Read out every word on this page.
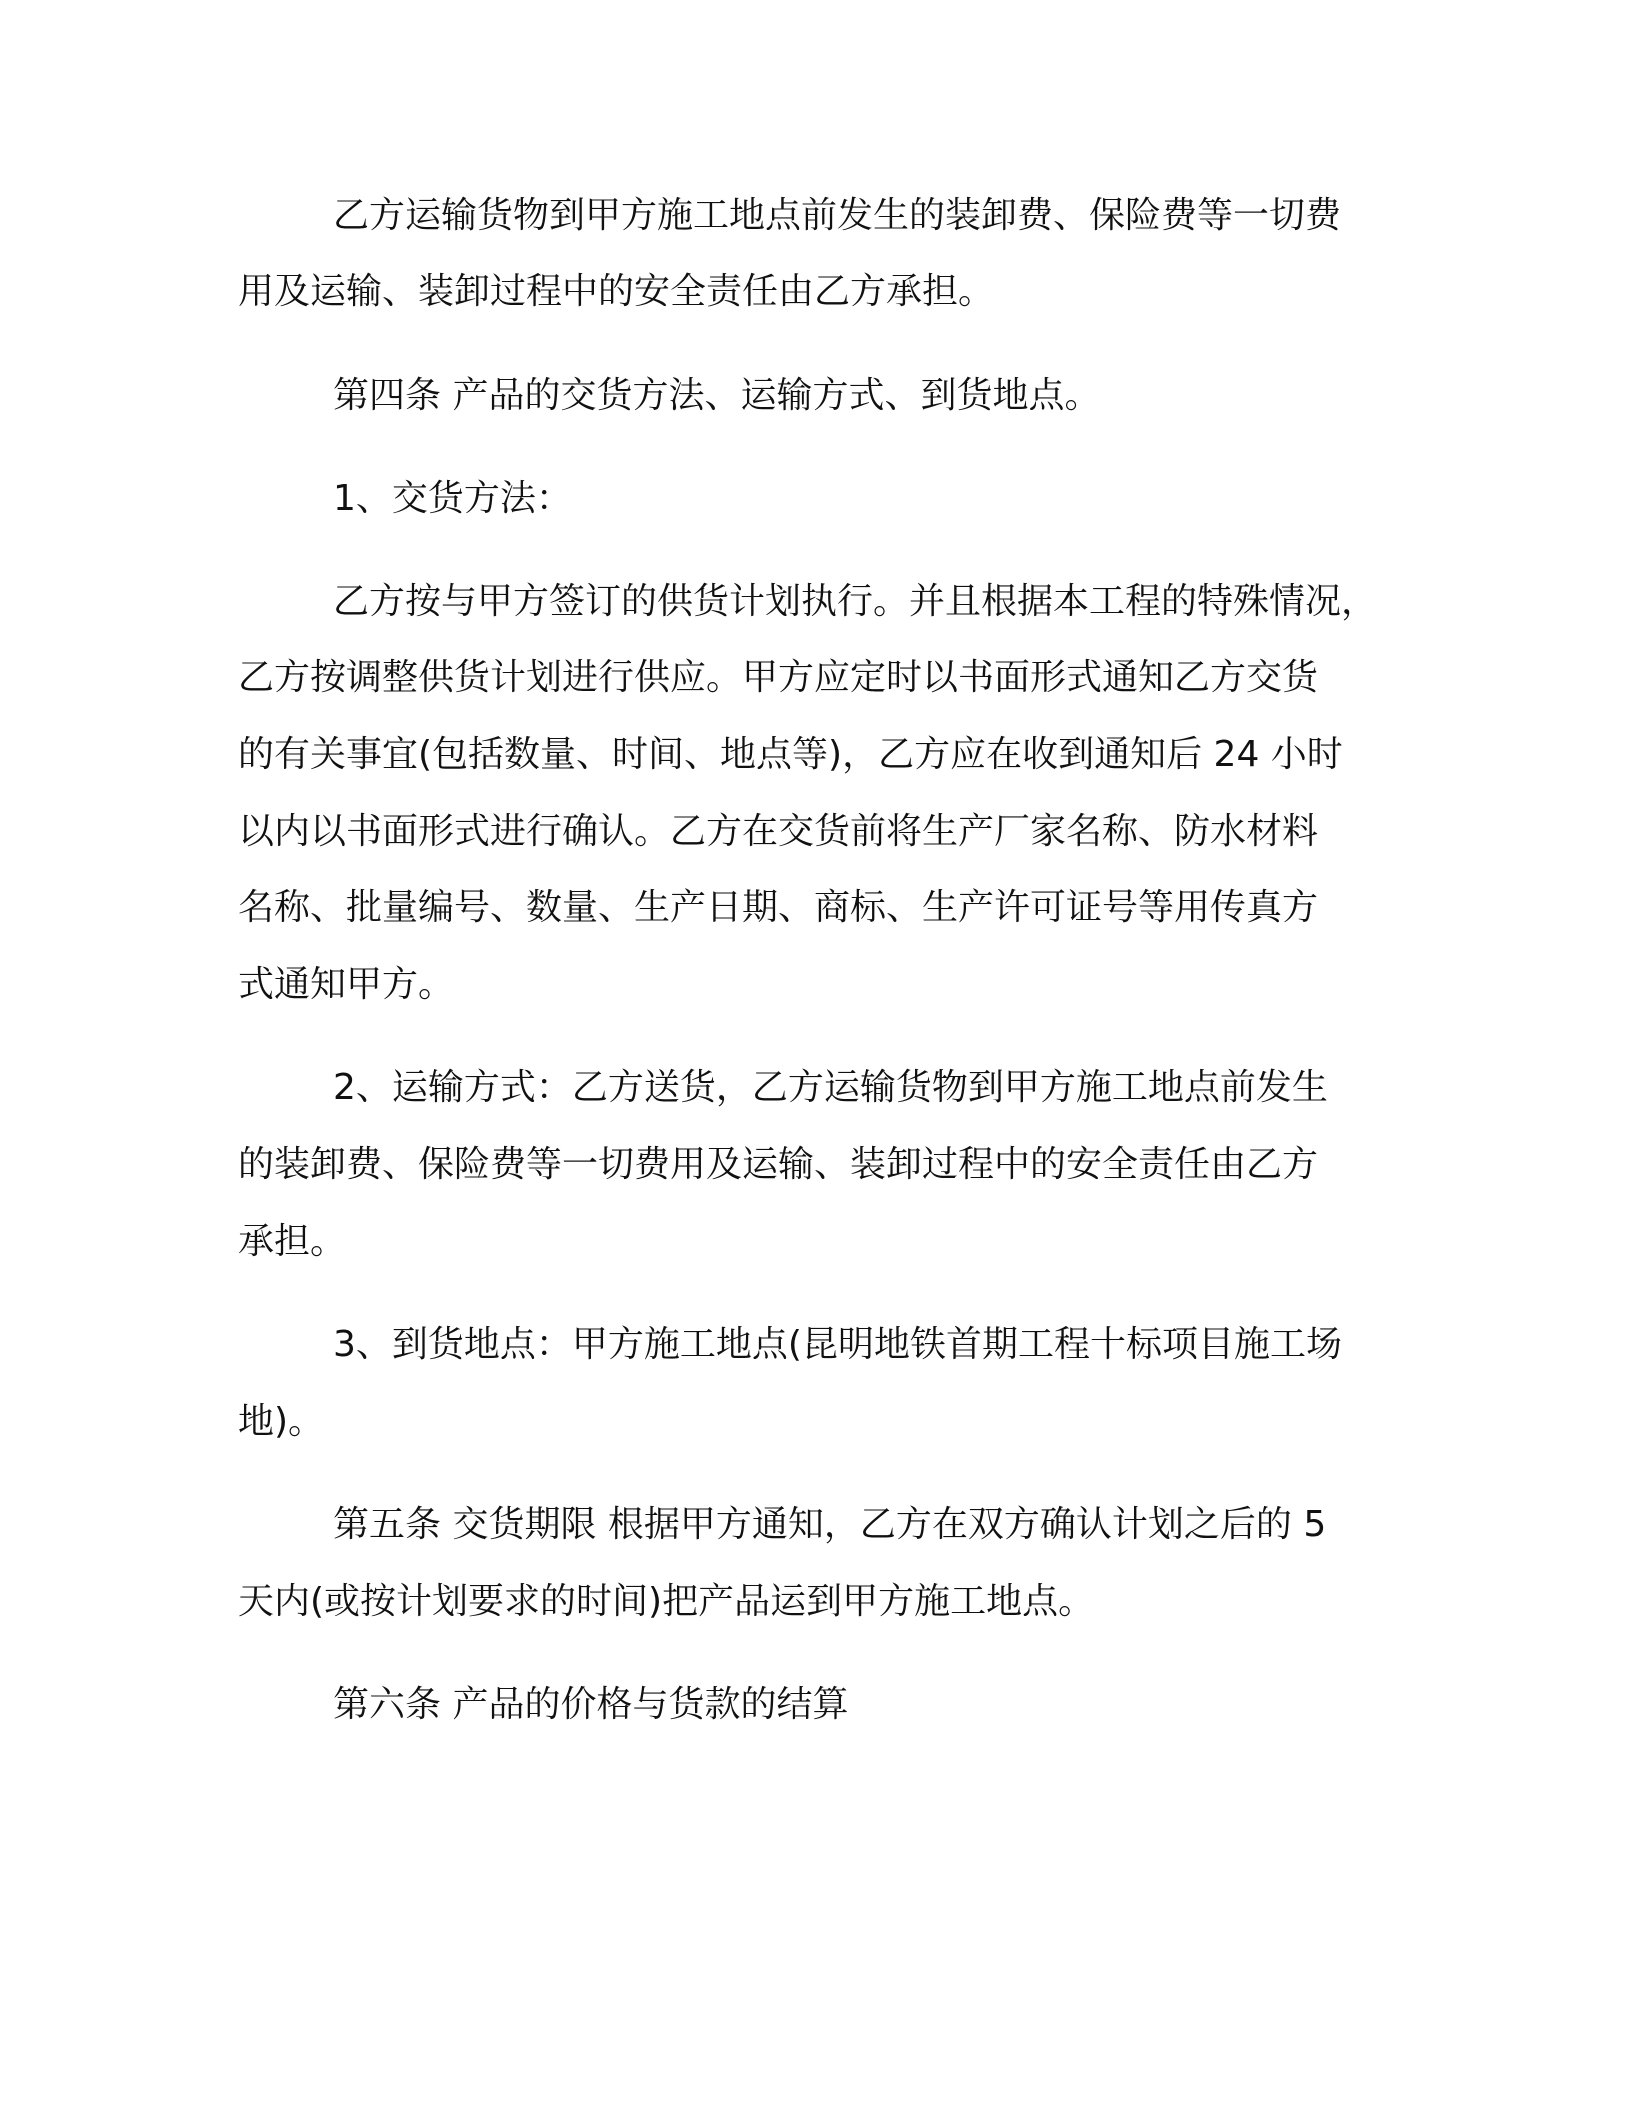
乙方运输货物到甲方施工地点前发生的装卸费、保险费等一切费
用及运输、装卸过程中的安全责任由乙方承担。
第四条 产品的交货方法、运输方式、到货地点。
1、交货方法：
乙方按与甲方签订的供货计划执行。并且根据本工程的特殊情况，
乙方按调整供货计划进行供应。甲方应定时以书面形式通知乙方交货
的有关事宜(包括数量、时间、地点等)，乙方应在收到通知后 24 小时
以内以书面形式进行确认。乙方在交货前将生产厂家名称、防水材料
名称、批量编号、数量、生产日期、商标、生产许可证号等用传真方
式通知甲方。
2、运输方式：乙方送货，乙方运输货物到甲方施工地点前发生
的装卸费、保险费等一切费用及运输、装卸过程中的安全责任由乙方
承担。
3、到货地点：甲方施工地点(昆明地铁首期工程十标项目施工场
地)。
第五条 交货期限 根据甲方通知，乙方在双方确认计划之后的 5
天内(或按计划要求的时间)把产品运到甲方施工地点。
第六条 产品的价格与货款的结算
